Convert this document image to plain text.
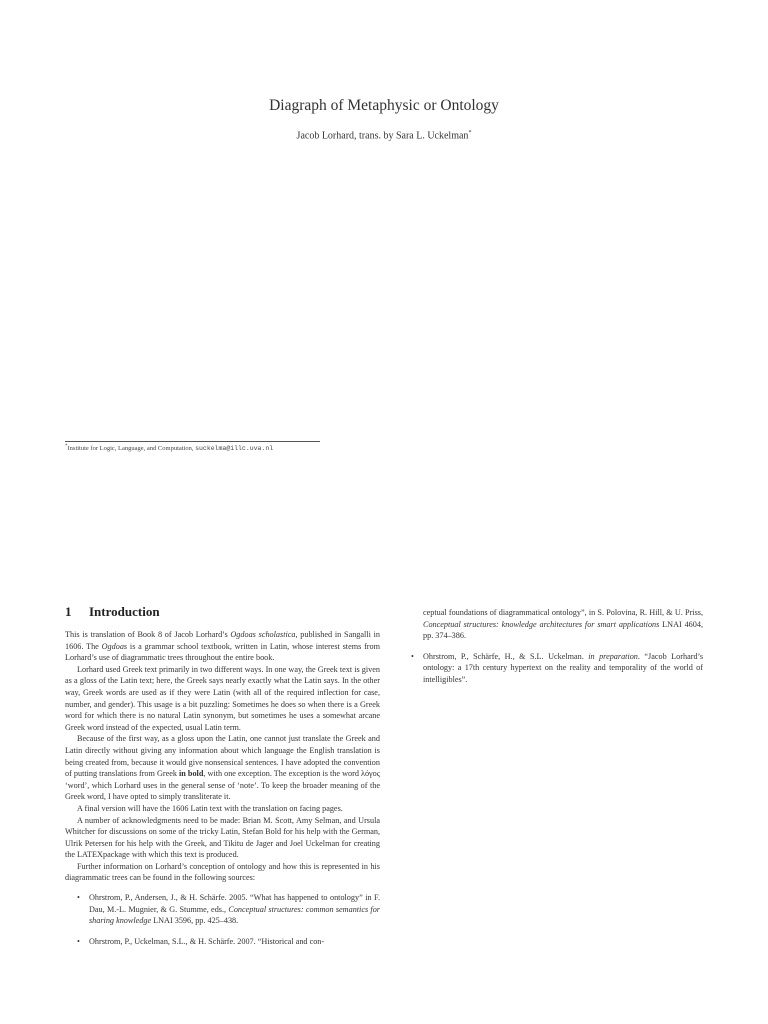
Diagraph of Metaphysic or Ontology
Jacob Lorhard, trans. by Sara L. Uckelman*
*Institute for Logic, Language, and Computation, suckelma@illc.uva.nl
1 Introduction

This is translation of Book 8 of Jacob Lorhard’s Ogdoas scholastica, published in Sangalli in 1606. The Ogdoas is a grammar school textbook, written in Latin, whose interest stems from Lorhard’s use of diagrammatic trees throughout the entire book.

Lorhard used Greek text primarily in two different ways. In one way, the Greek text is given as a gloss of the Latin text; here, the Greek says nearly exactly what the Latin says. In the other way, Greek words are used as if they were Latin (with all of the required inflection for case, number, and gender). This usage is a bit puzzling: Sometimes he does so when there is a Greek word for which there is no natural Latin synonym, but sometimes he uses a somewhat arcane Greek word instead of the expected, usual Latin term.

Because of the first way, as a gloss upon the Latin, one cannot just translate the Greek and Latin directly without giving any information about which language the English translation is being created from, because it would give nonsensical sentences. I have adopted the convention of putting translations from Greek in bold, with one exception. The exception is the word λόγος ‘word’, which Lorhard uses in the general sense of ‘note’. To keep the broader meaning of the Greek word, I have opted to simply transliterate it.

A final version will have the 1606 Latin text with the translation on facing pages.

A number of acknowledgments need to be made: Brian M. Scott, Amy Selman, and Ursula Whitcher for discussions on some of the tricky Latin, Stefan Bold for his help with the German, Ulrik Petersen for his help with the Greek, and Tikitu de Jager and Joel Uckelman for creating the LATEXpackage with which this text is produced.

Further information on Lorhard’s conception of ontology and how this is represented in his diagrammatic trees can be found in the following sources:

• Ohrstrom, P., Andersen, J., & H. Schärfe. 2005. “What has happened to ontology” in F. Dau, M.-L. Mugnier, & G. Stumme, eds., Conceptual structures: common semantics for sharing knowledge LNAI 3596, pp. 425–438.
• Ohrstrom, P., Uckelman, S.L., & H. Schärfe. 2007. “Historical and con-
ceptual foundations of diagrammatical ontology”, in S. Polovina, R. Hill, & U. Priss, Conceptual structures: knowledge architectures for smart applications LNAI 4604, pp. 374–386.
• Ohrstrom, P., Schärfe, H., & S.L. Uckelman. in preparation. “Jacob Lorhard’s ontology: a 17th century hypertext on the reality and temporality of the world of intelligibles”.
